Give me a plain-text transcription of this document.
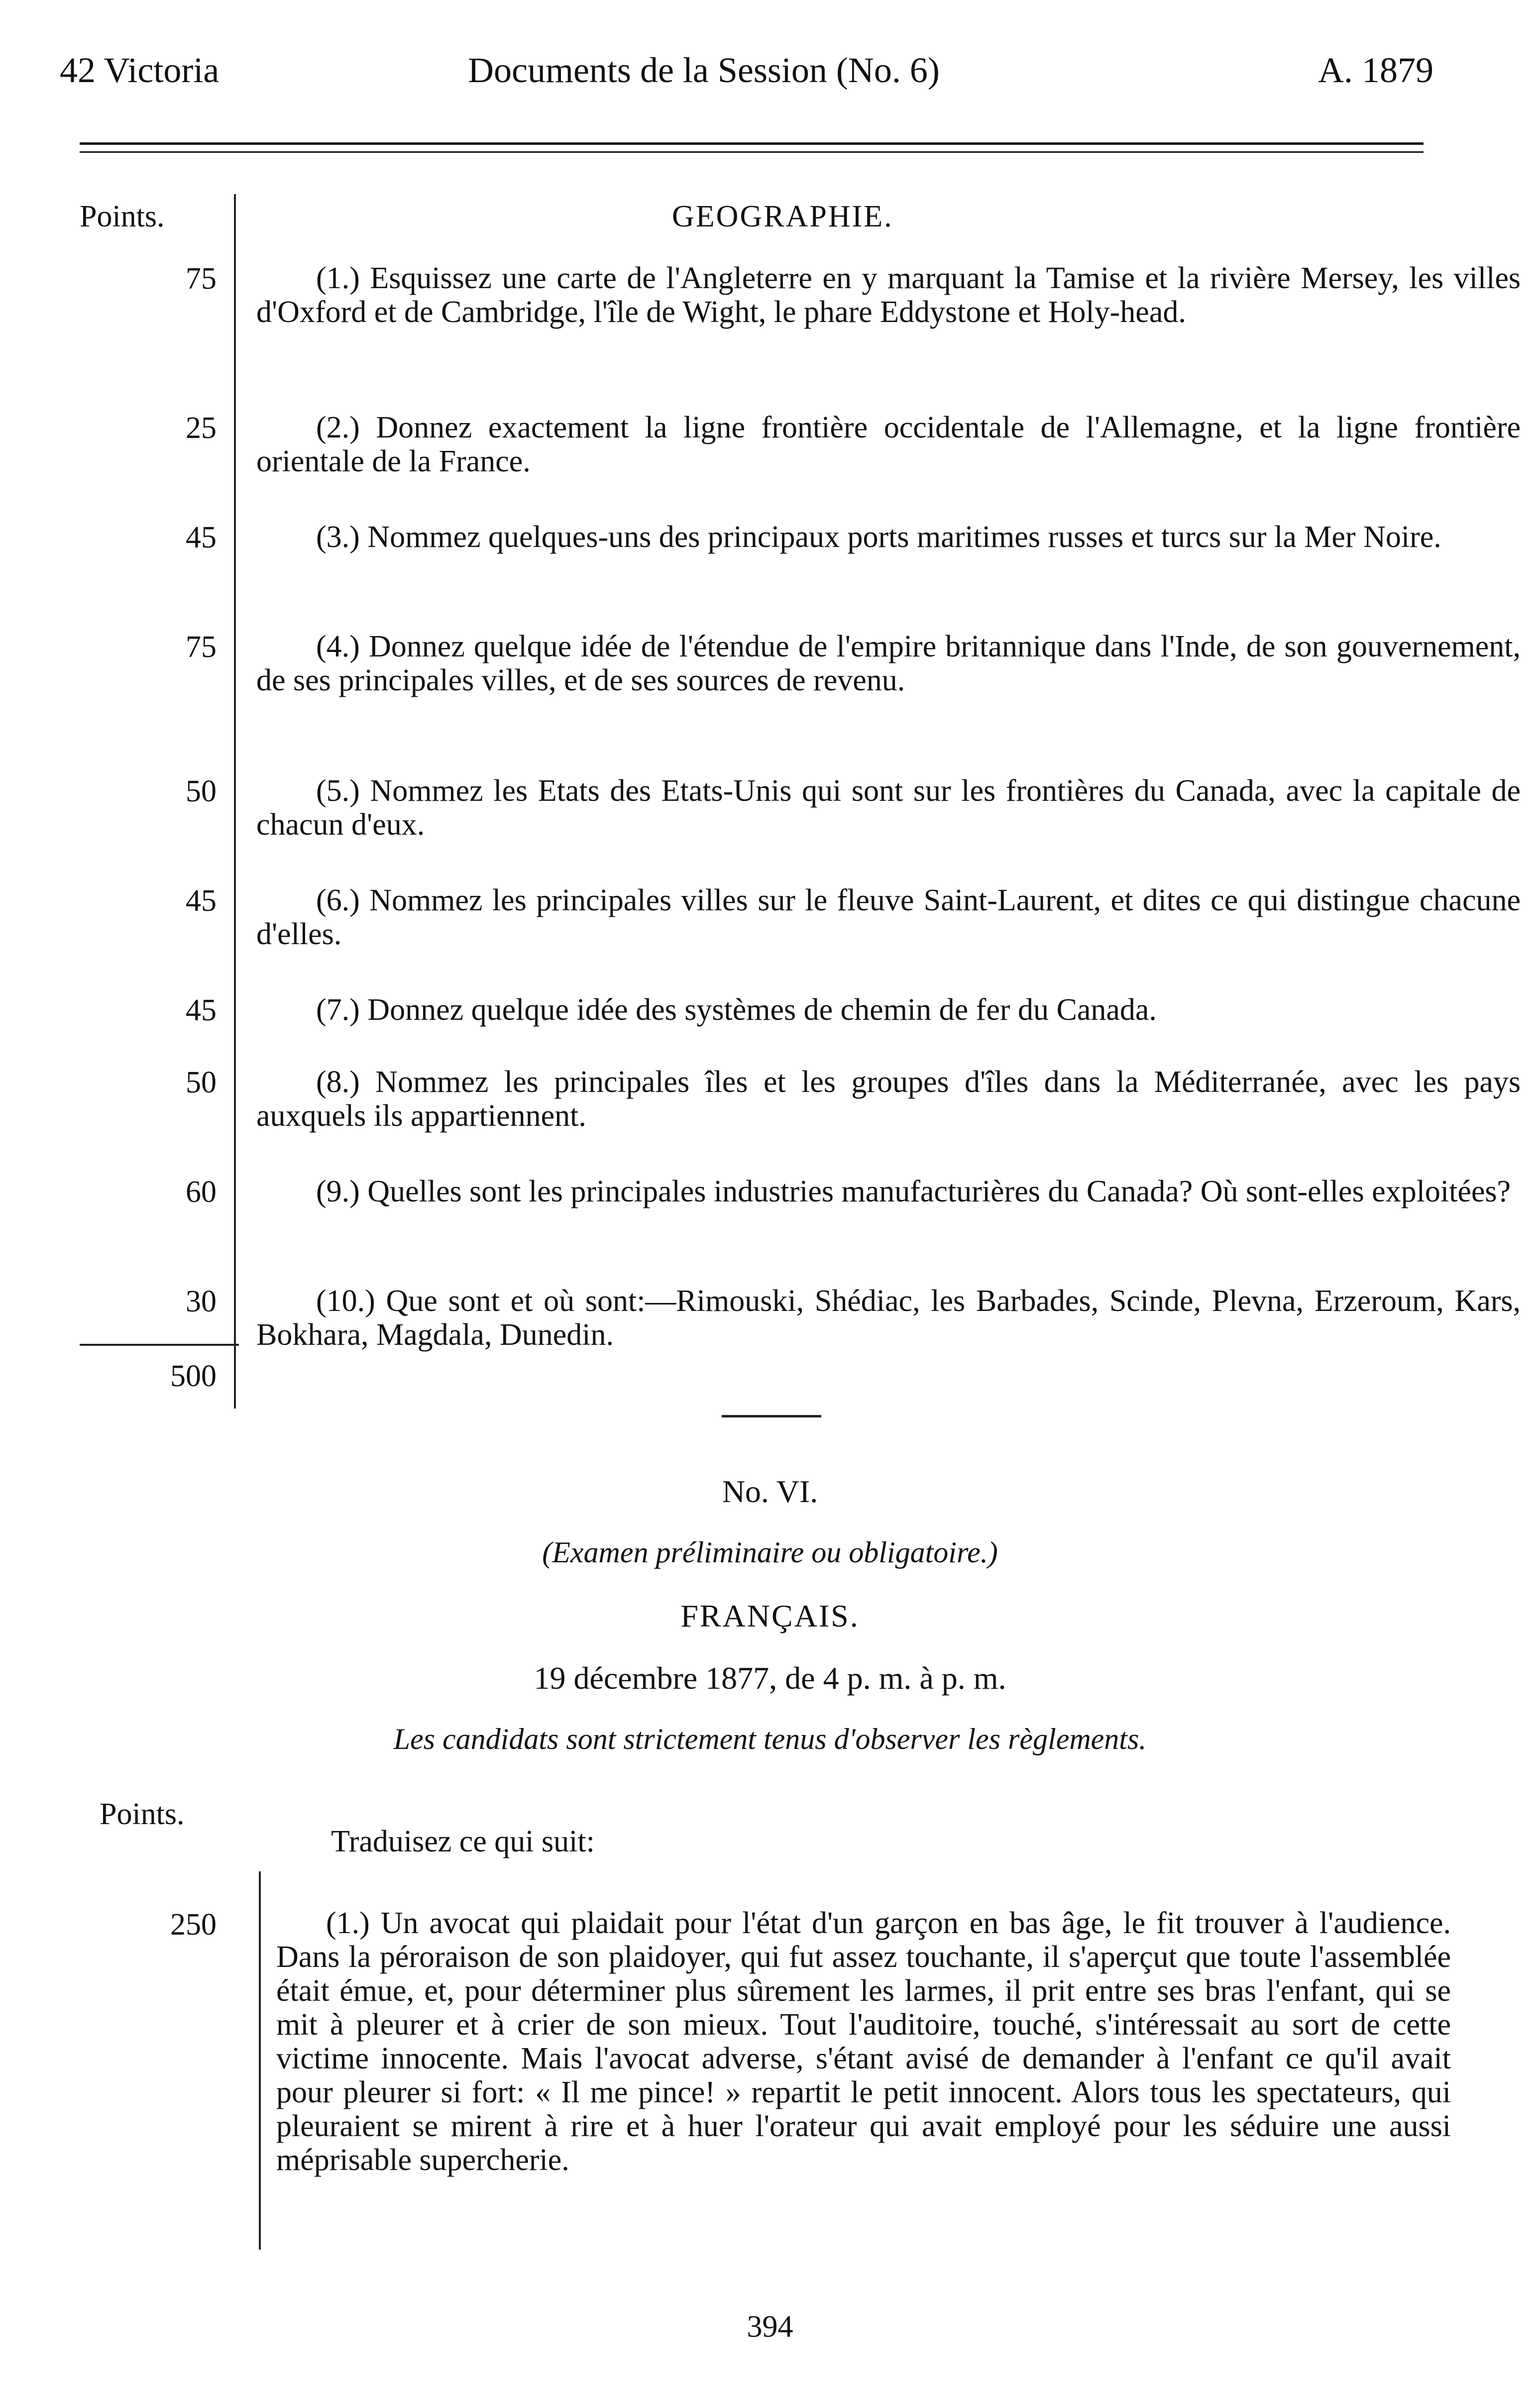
42 Victoria	Documents de la Session (No. 6)	A. 1879
Points.	GEOGRAPHIE.
75	(1.) Esquissez une carte de l'Angleterre en y marquant la Tamise et la rivière Mersey, les villes d'Oxford et de Cambridge, l'île de Wight, le phare Eddystone et Holy-head.
25	(2.) Donnez exactement la ligne frontière occidentale de l'Allemagne, et la ligne frontière orientale de la France.
45	(3.) Nommez quelques-uns des principaux ports maritimes russes et turcs sur la Mer Noire.
75	(4.) Donnez quelque idée de l'étendue de l'empire britannique dans l'Inde, de son gouvernement, de ses principales villes, et de ses sources de revenu.
50	(5.) Nommez les Etats des Etats-Unis qui sont sur les frontières du Canada, avec la capitale de chacun d'eux.
45	(6.) Nommez les principales villes sur le fleuve Saint-Laurent, et dites ce qui distingue chacune d'elles.
45	(7.) Donnez quelque idée des systèmes de chemin de fer du Canada.
50	(8.) Nommez les principales îles et les groupes d'îles dans la Méditerranée, avec les pays auxquels ils appartiennent.
60	(9.) Quelles sont les principales industries manufacturières du Canada? Où sont-elles exploitées?
30	(10.) Que sont et où sont:—Rimouski, Shédiac, les Barbades, Scinde, Plevna, Erzeroum, Kars, Bokhara, Magdala, Dunedin.
500
No. VI.
(Examen préliminaire ou obligatoire.)
FRANÇAIS.
19 décembre 1877, de 4 p. m. à p. m.
Les candidats sont strictement tenus d'observer les règlements.
Points.
Traduisez ce qui suit:
250	(1.) Un avocat qui plaidait pour l'état d'un garçon en bas âge, le fit trouver à l'audience. Dans la péroraison de son plaidoyer, qui fut assez touchante, il s'aperçut que toute l'assemblée était émue, et, pour déterminer plus sûrement les larmes, il prit entre ses bras l'enfant, qui se mit à pleurer et à crier de son mieux. Tout l'auditoire, touché, s'intéressait au sort de cette victime innocente. Mais l'avocat adverse, s'étant avisé de demander à l'enfant ce qu'il avait pour pleurer si fort: « Il me pince! » repartit le petit innocent. Alors tous les spectateurs, qui pleuraient se mirent à rire et à huer l'orateur qui avait employé pour les séduire une aussi méprisable supercherie.
394
